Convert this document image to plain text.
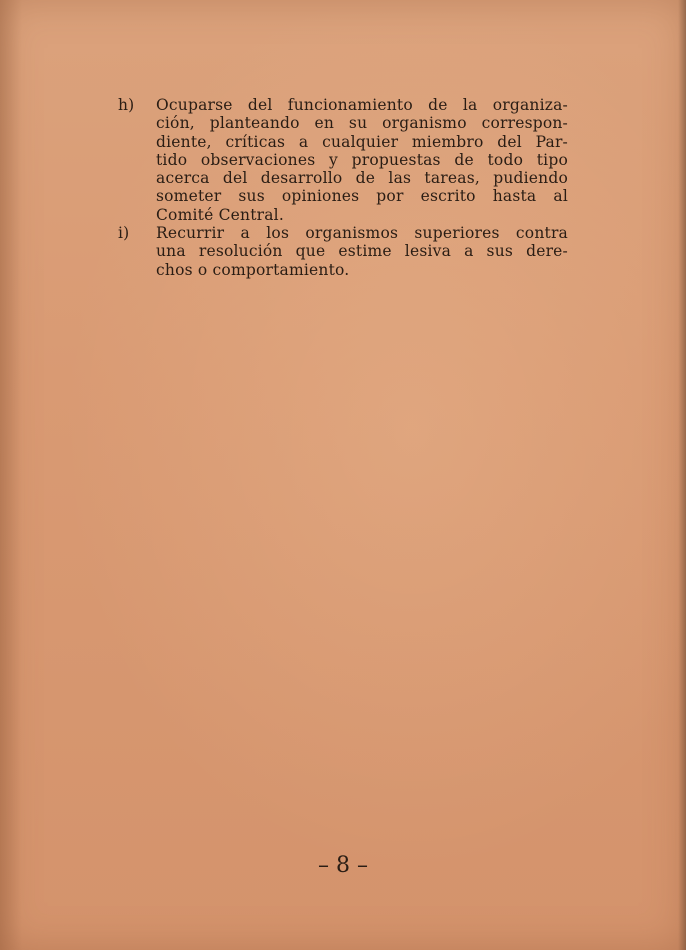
h)	Ocuparse del funcionamiento de la organiza-
ción, planteando en su organismo correspon-
diente, críticas a cualquier miembro del Par-
tido observaciones y propuestas de todo tipo
acerca del desarrollo de las tareas, pudiendo
someter sus opiniones por escrito hasta al
Comité Central.
i)	Recurrir a los organismos superiores contra
una resolución que estime lesiva a sus dere-
chos o comportamiento.
– 8 –
